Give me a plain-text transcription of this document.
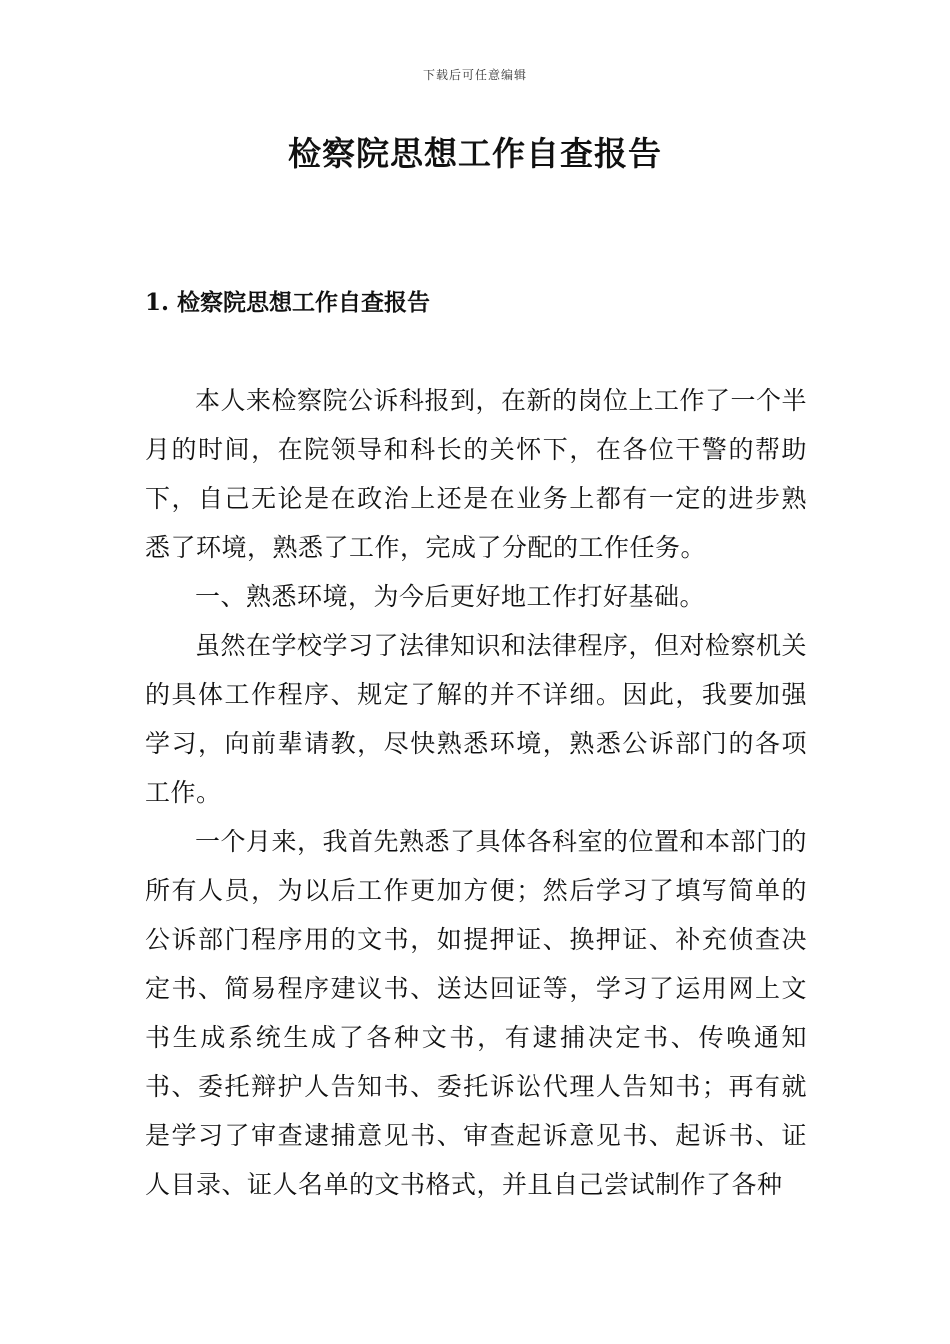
下载后可任意编辑
检察院思想工作自查报告
1. 检察院思想工作自查报告

本人来检察院公诉科报到，在新的岗位上工作了一个半月的时间，在院领导和科长的关怀下，在各位干警的帮助下，自己无论是在政治上还是在业务上都有一定的进步熟悉了环境，熟悉了工作，完成了分配的工作任务。

一、熟悉环境，为今后更好地工作打好基础。

虽然在学校学习了法律知识和法律程序，但对检察机关的具体工作程序、规定了解的并不详细。因此，我要加强学习，向前辈请教，尽快熟悉环境，熟悉公诉部门的各项工作。

一个月来，我首先熟悉了具体各科室的位置和本部门的所有人员，为以后工作更加方便；然后学习了填写简单的公诉部门程序用的文书，如提押证、换押证、补充侦查决定书、简易程序建议书、送达回证等，学习了运用网上文书生成系统生成了各种文书，有逮捕决定书、传唤通知书、委托辩护人告知书、委托诉讼代理人告知书；再有就是学习了审查逮捕意见书、审查起诉意见书、起诉书、证人目录、证人名单的文书格式，并且自己尝试制作了各种
